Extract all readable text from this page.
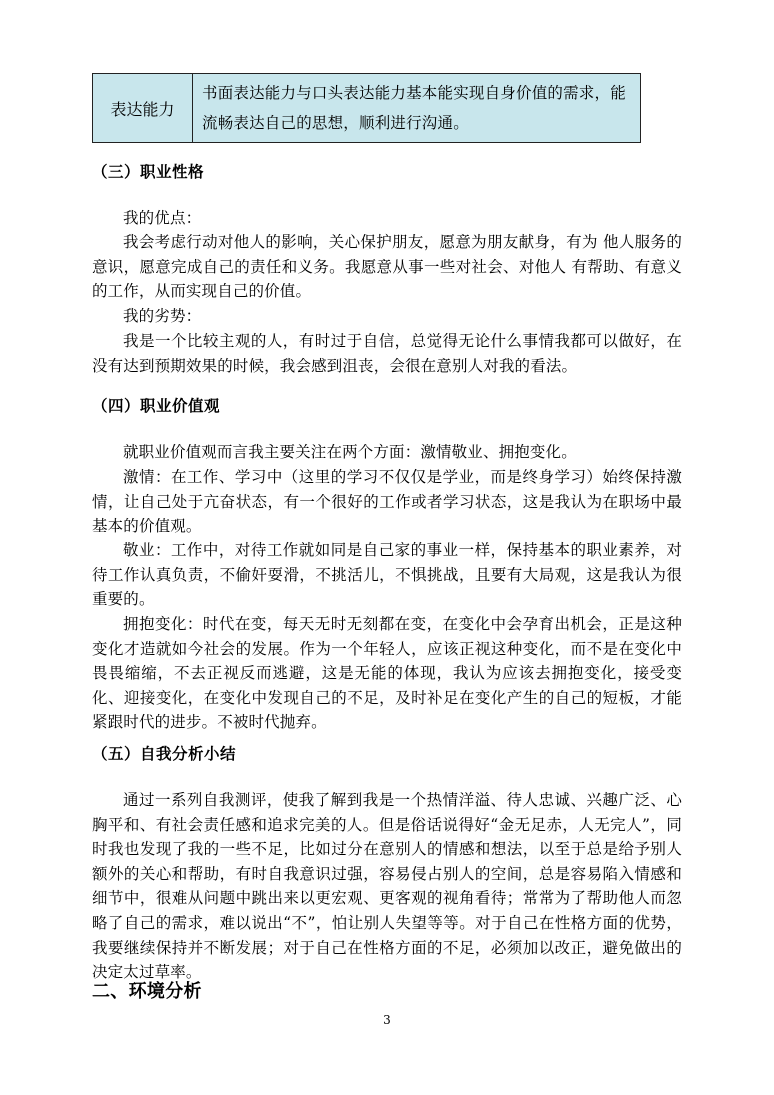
表达能力	书面表达能力与口头表达能力基本能实现自身价值的需求，能流畅表达自己的思想，顺利进行沟通。
（三）职业性格

我的优点：

我会考虑行动对他人的影响，关心保护朋友，愿意为朋友献身，有为 他人服务的意识，愿意完成自己的责任和义务。我愿意从事一些对社会、对他人 有帮助、有意义的工作，从而实现自己的价值。

我的劣势：

我是一个比较主观的人，有时过于自信，总觉得无论什么事情我都可以做好，在没有达到预期效果的时候，我会感到沮丧，会很在意别人对我的看法。

（四）职业价值观

就职业价值观而言我主要关注在两个方面：激情敬业、拥抱变化。

激情：在工作、学习中（这里的学习不仅仅是学业，而是终身学习）始终保持激情，让自己处于亢奋状态，有一个很好的工作或者学习状态，这是我认为在职场中最基本的价值观。

敬业：工作中，对待工作就如同是自己家的事业一样，保持基本的职业素养，对待工作认真负责，不偷奸耍滑，不挑活儿，不惧挑战，且要有大局观，这是我认为很重要的。

拥抱变化：时代在变，每天无时无刻都在变，在变化中会孕育出机会，正是这种变化才造就如今社会的发展。作为一个年轻人，应该正视这种变化，而不是在变化中畏畏缩缩，不去正视反而逃避，这是无能的体现，我认为应该去拥抱变化，接受变化、迎接变化，在变化中发现自己的不足，及时补足在变化产生的自己的短板，才能紧跟时代的进步。不被时代抛弃。

（五）自我分析小结

通过一系列自我测评，使我了解到我是一个热情洋溢、待人忠诚、兴趣广泛、心胸平和、有社会责任感和追求完美的人。但是俗话说得好“金无足赤，人无完人”，同时我也发现了我的一些不足，比如过分在意别人的情感和想法，以至于总是给予别人额外的关心和帮助，有时自我意识过强，容易侵占别人的空间，总是容易陷入情感和细节中，很难从问题中跳出来以更宏观、更客观的视角看待；常常为了帮助他人而忽略了自己的需求，难以说出“不”，怕让别人失望等等。对于自己在性格方面的优势，我要继续保持并不断发展；对于自己在性格方面的不足，必须加以改正，避免做出的决定太过草率。

二、环境分析
3
